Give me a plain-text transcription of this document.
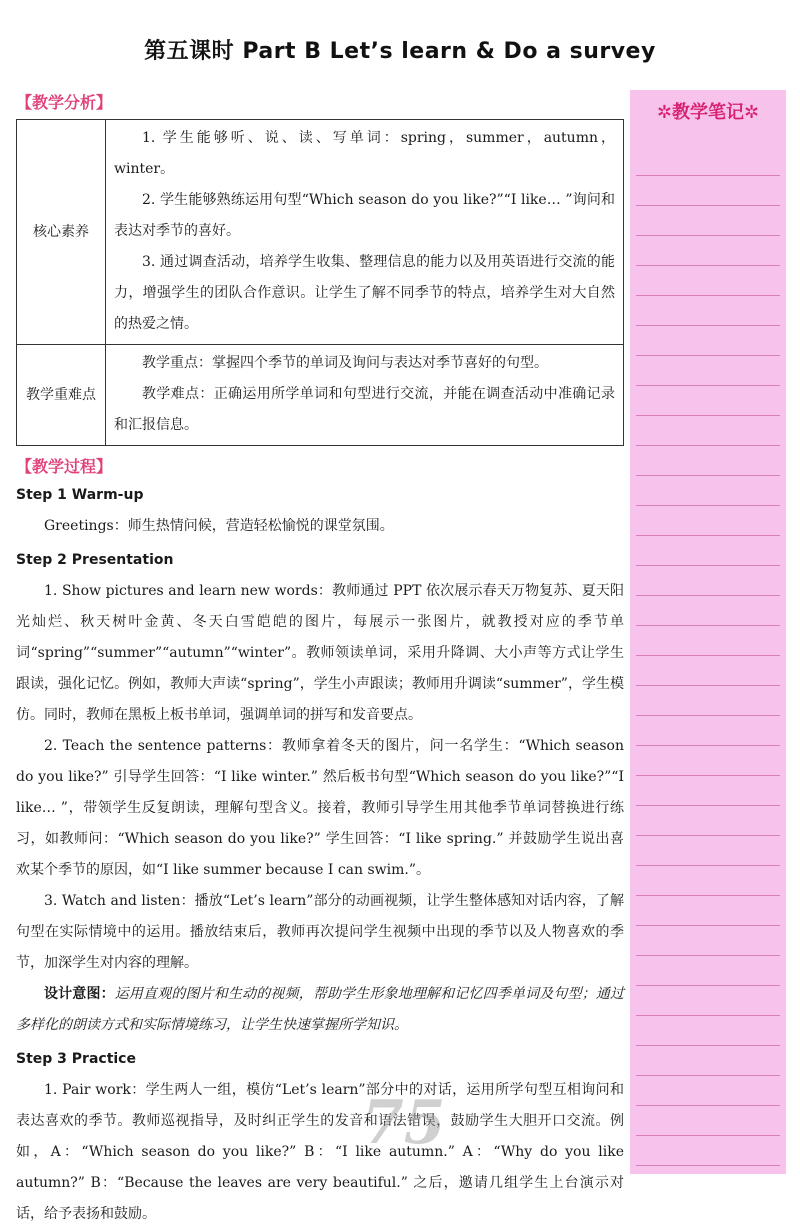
第五课时 Part B Let’s learn & Do a survey
【教学分析】
核心素养	1. 学生能够听、说、读、写单词：spring，summer，autumn，winter。

2. 学生能够熟练运用句型“Which season do you like?”“I like… ”询问和表达对季节的喜好。

3. 通过调查活动，培养学生收集、整理信息的能力以及用英语进行交流的能力，增强学生的团队合作意识。让学生了解不同季节的特点，培养学生对大自然的热爱之情。

教学重难点	教学重点：掌握四个季节的单词及询问与表达对季节喜好的句型。

教学难点：正确运用所学单词和句型进行交流，并能在调查活动中准确记录和汇报信息。

【教学过程】
Step 1 Warm-up

Greetings：师生热情问候，营造轻松愉悦的课堂氛围。

Step 2 Presentation

1. Show pictures and learn new words：教师通过 PPT 依次展示春天万物复苏、夏天阳光灿烂、秋天树叶金黄、冬天白雪皑皑的图片，每展示一张图片，就教授对应的季节单词“spring”“summer”“autumn”“winter”。教师领读单词，采用升降调、大小声等方式让学生跟读，强化记忆。例如，教师大声读“spring”，学生小声跟读；教师用升调读“summer”，学生模仿。同时，教师在黑板上板书单词，强调单词的拼写和发音要点。

2. Teach the sentence patterns：教师拿着冬天的图片，问一名学生：“Which season do you like?” 引导学生回答：“I like winter.” 然后板书句型“Which season do you like?”“I like… ”，带领学生反复朗读，理解句型含义。接着，教师引导学生用其他季节单词替换进行练习，如教师问：“Which season do you like?” 学生回答：“I like spring.” 并鼓励学生说出喜欢某个季节的原因，如“I like summer because I can swim.”。

3. Watch and listen：播放“Let’s learn”部分的动画视频，让学生整体感知对话内容，了解句型在实际情境中的运用。播放结束后，教师再次提问学生视频中出现的季节以及人物喜欢的季节，加深学生对内容的理解。

设计意图：运用直观的图片和生动的视频，帮助学生形象地理解和记忆四季单词及句型；通过多样化的朗读方式和实际情境练习，让学生快速掌握所学知识。

Step 3 Practice

1. Pair work：学生两人一组，模仿“Let’s learn”部分中的对话，运用所学句型互相询问和表达喜欢的季节。教师巡视指导，及时纠正学生的发音和语法错误，鼓励学生大胆开口交流。例如，A：“Which season do you like?” B：“I like autumn.” A：“Why do you like autumn?” B：“Because the leaves are very beautiful.” 之后，邀请几组学生上台演示对话，给予表扬和鼓励。

✲教学笔记✲
75
